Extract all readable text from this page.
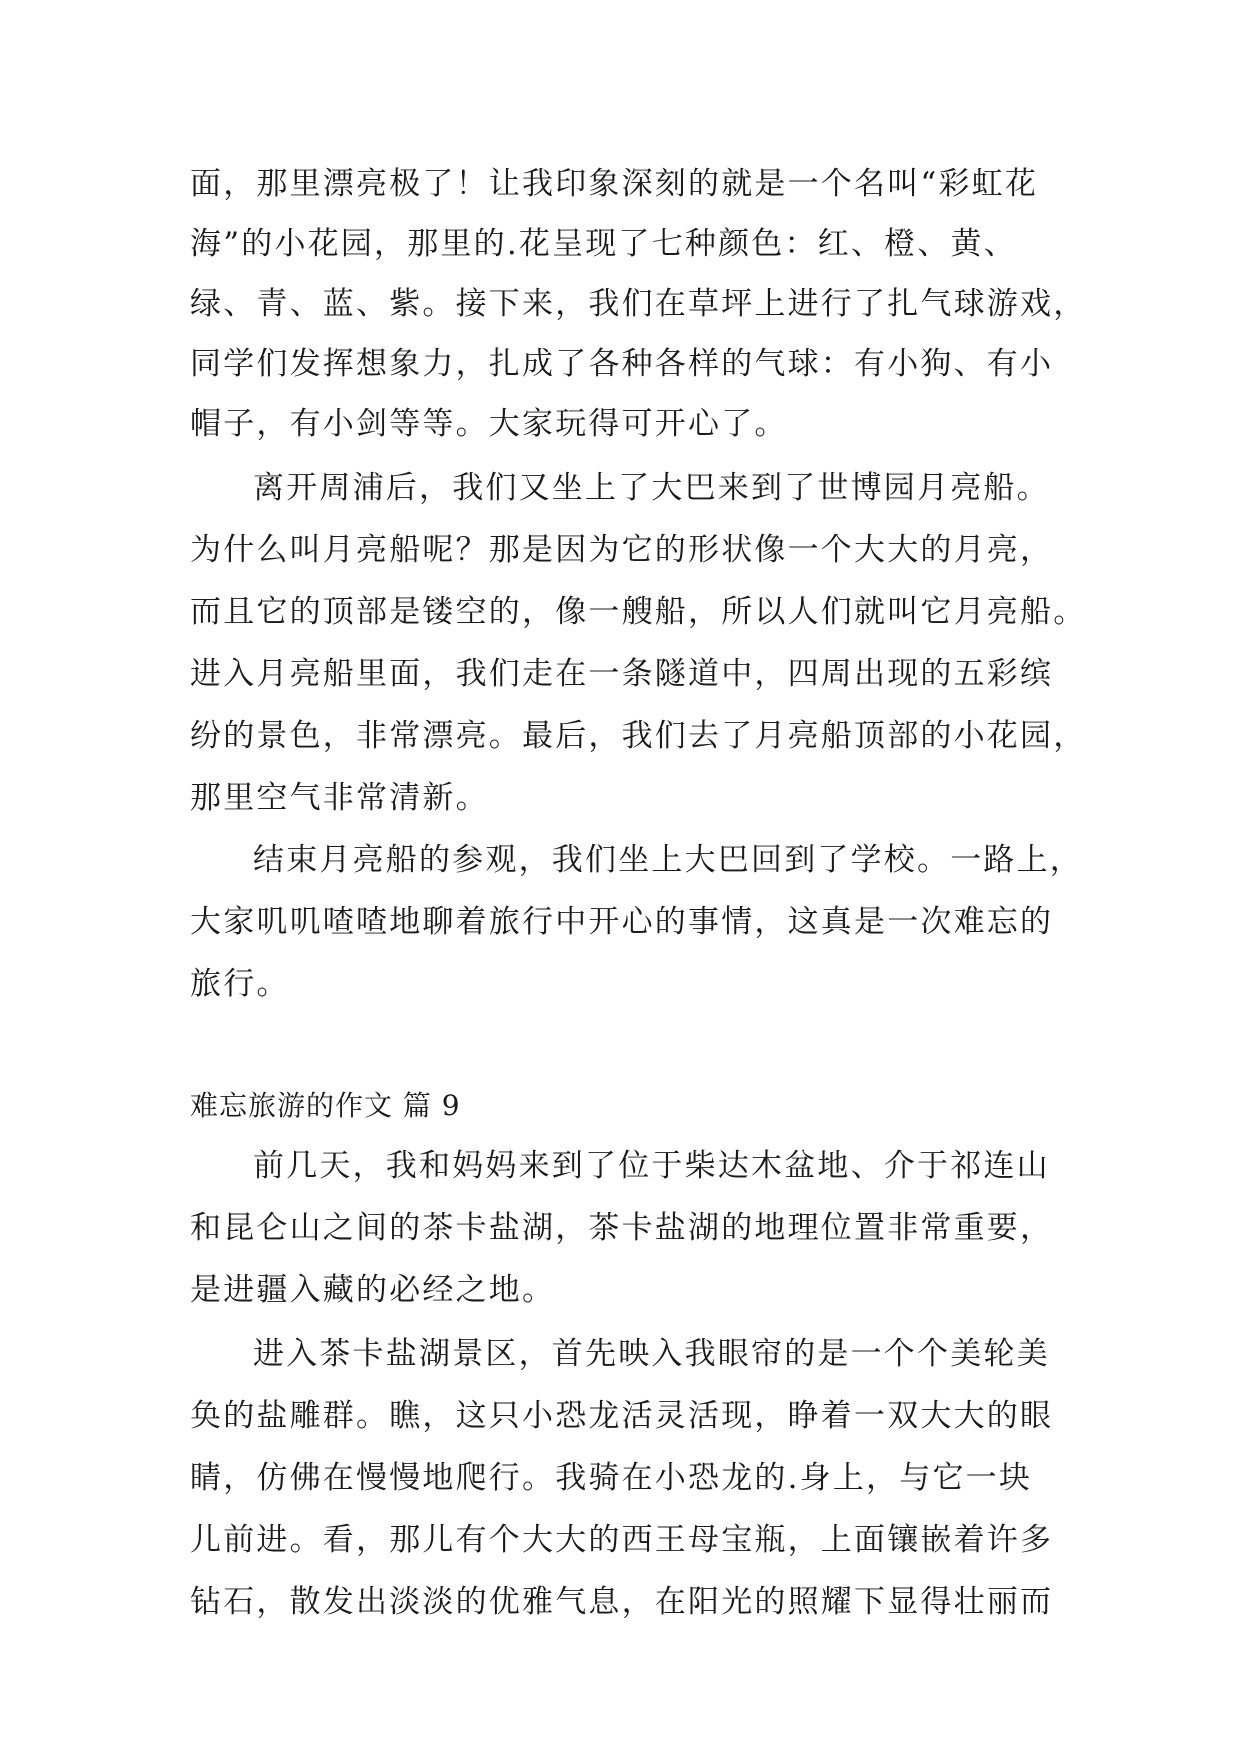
面，那里漂亮极了！让我印象深刻的就是一个名叫“彩虹花
海”的小花园，那里的.花呈现了七种颜色：红、橙、黄、
绿、青、蓝、紫。接下来，我们在草坪上进行了扎气球游戏，
同学们发挥想象力，扎成了各种各样的气球：有小狗、有小
帽子，有小剑等等。大家玩得可开心了。
离开周浦后，我们又坐上了大巴来到了世博园月亮船。
为什么叫月亮船呢？那是因为它的形状像一个大大的月亮，
而且它的顶部是镂空的，像一艘船，所以人们就叫它月亮船。
进入月亮船里面，我们走在一条隧道中，四周出现的五彩缤
纷的景色，非常漂亮。最后，我们去了月亮船顶部的小花园，
那里空气非常清新。
结束月亮船的参观，我们坐上大巴回到了学校。一路上，
大家叽叽喳喳地聊着旅行中开心的事情，这真是一次难忘的
旅行。
难忘旅游的作文 篇 9
前几天，我和妈妈来到了位于柴达木盆地、介于祁连山
和昆仑山之间的茶卡盐湖，茶卡盐湖的地理位置非常重要，
是进疆入藏的必经之地。
进入茶卡盐湖景区，首先映入我眼帘的是一个个美轮美
奂的盐雕群。瞧，这只小恐龙活灵活现，睁着一双大大的眼
睛，仿佛在慢慢地爬行。我骑在小恐龙的.身上，与它一块
儿前进。看，那儿有个大大的西王母宝瓶，上面镶嵌着许多
钻石，散发出淡淡的优雅气息，在阳光的照耀下显得壮丽而
